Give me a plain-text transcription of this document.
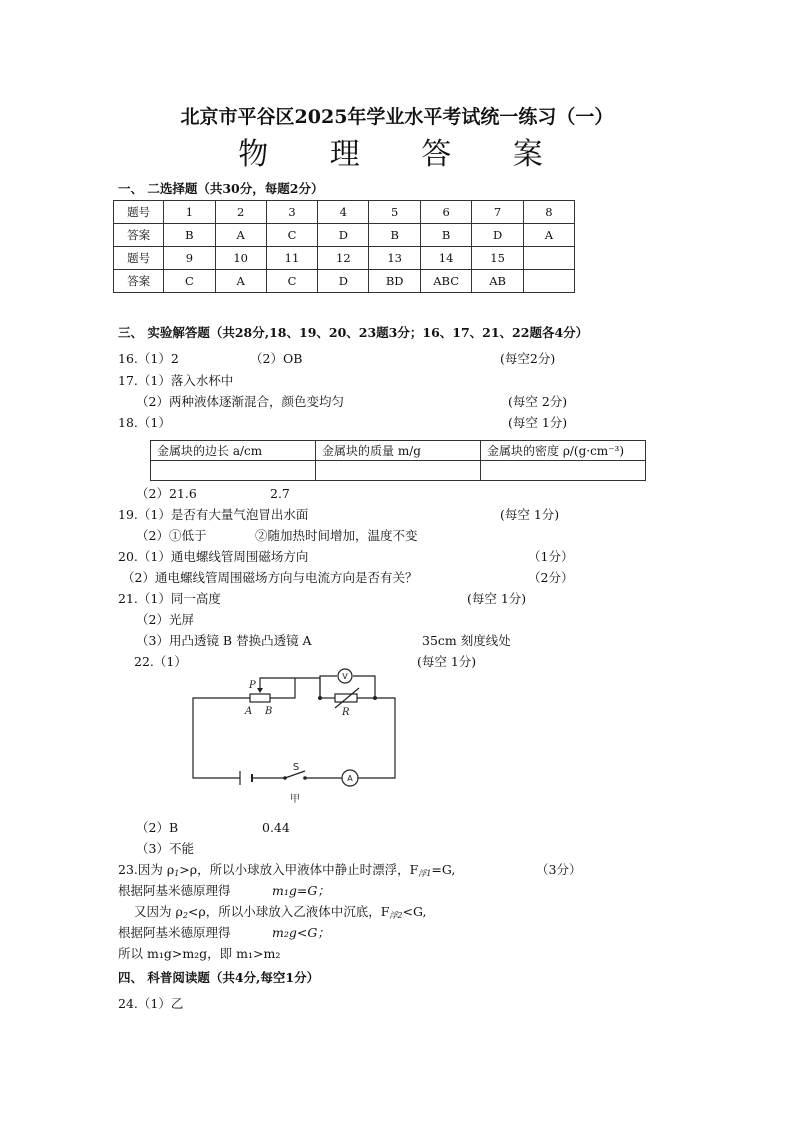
北京市平谷区2025年学业水平考试统一练习（一）
物 理 答 案
一、 二选择题（共30分，每题2分）
题号	1	2	3	4	5	6	7	8
答案	B	A	C	D	B	B	D	A
题号	9	10	11	12	13	14	15	
答案	C	A	C	D	BD	ABC	AB	
三、 实验解答题（共28分,18、19、20、23题3分；16、17、21、22题各4分）
16.（1）2	（2）OB	(每空2分)
17.（1）落入水杯中
（2）两种液体逐渐混合，颜色变均匀	(每空 2分)
18.（1）	(每空 1分)
金属块的边长 a/cm	金属块的质量 m/g	金属块的密度 ρ/(g·cm⁻³)

（2）21.6	2.7
19.（1）是否有大量气泡冒出水面	(每空 1分)
（2）①低于	②随加热时间增加，温度不变
20.（1）通电螺线管周围磁场方向	（1分）
（2）通电螺线管周围磁场方向与电流方向是否有关？	（2分）
21.（1）同一高度	(每空 1分)
（2）光屏
（3）用凸透镜 B 替换凸透镜 A	35cm 刻度线处
22.（1）	(每空 1分)
P
A B	R
V
A
S
甲
（2）B	0.44
（3）不能
23.因为 $\rho_1>\rho$，所以小球放入甲液体中静止时漂浮，$F_{浮1}=G$,	（3分）
根据阿基米德原理得	m₁g=G；
又因为 $\rho_2<\rho$，所以小球放入乙液体中沉底，$F_{浮2}<G$,
根据阿基米德原理得	m₂g<G；
所以 m₁g>m₂g，即 m₁>m₂
四、 科普阅读题（共4分,每空1分）
24.（1）乙
